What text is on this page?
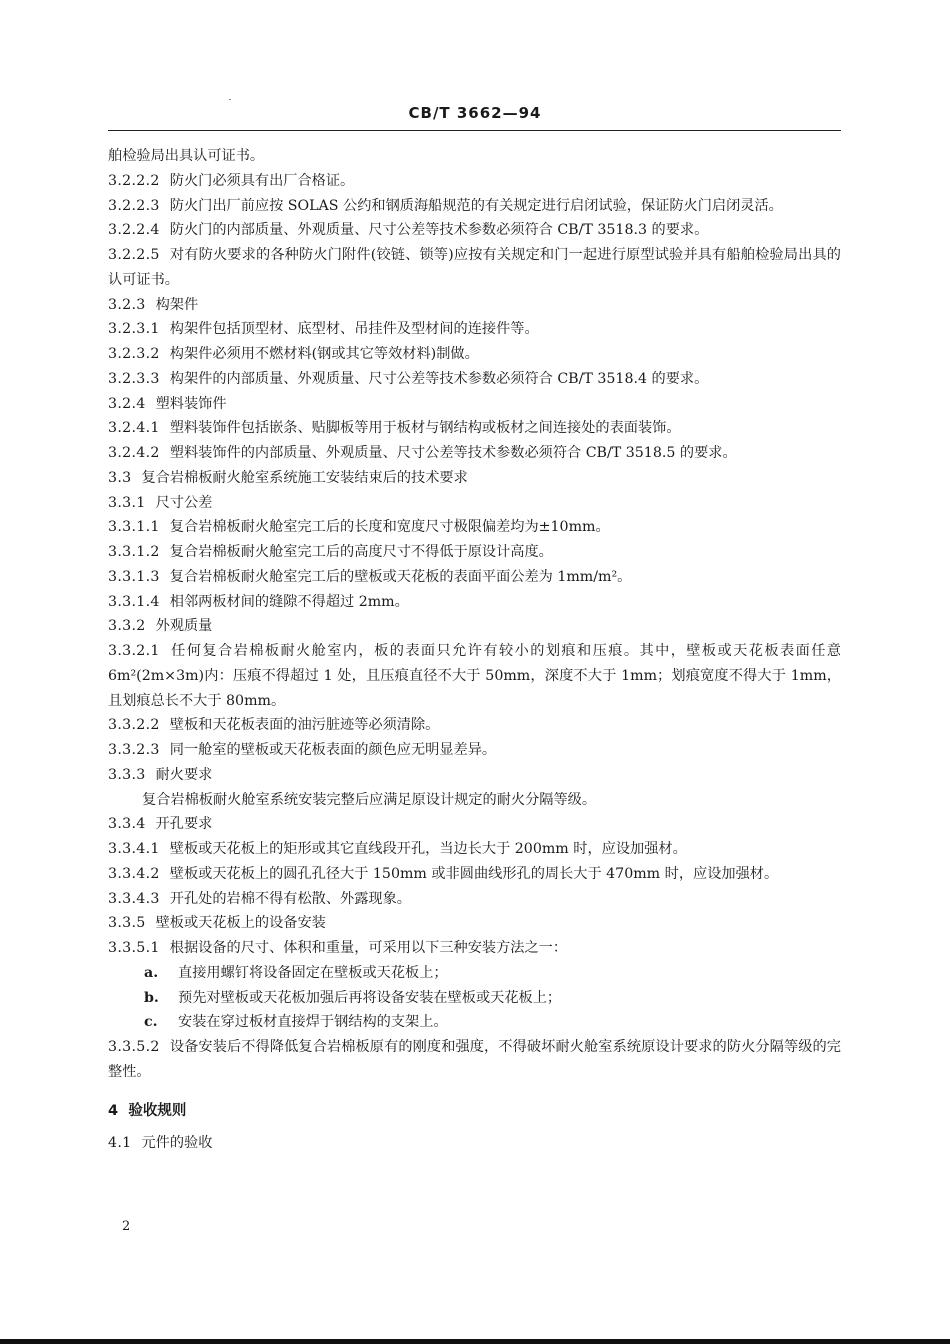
CB/T 3662—94

舶检验局出具认可证书。

3.2.2.2 防火门必须具有出厂合格证。

3.2.2.3 防火门出厂前应按 SOLAS 公约和钢质海船规范的有关规定进行启闭试验，保证防火门启闭灵活。

3.2.2.4 防火门的内部质量、外观质量、尺寸公差等技术参数必须符合 CB/T 3518.3 的要求。

3.2.2.5 对有防火要求的各种防火门附件(铰链、锁等)应按有关规定和门一起进行原型试验并具有船舶检验局出具的认可证书。

3.2.3 构架件

3.2.3.1 构架件包括顶型材、底型材、吊挂件及型材间的连接件等。

3.2.3.2 构架件必须用不燃材料(钢或其它等效材料)制做。

3.2.3.3 构架件的内部质量、外观质量、尺寸公差等技术参数必须符合 CB/T 3518.4 的要求。

3.2.4 塑料装饰件

3.2.4.1 塑料装饰件包括嵌条、贴脚板等用于板材与钢结构或板材之间连接处的表面装饰。

3.2.4.2 塑料装饰件的内部质量、外观质量、尺寸公差等技术参数必须符合 CB/T 3518.5 的要求。

3.3 复合岩棉板耐火舱室系统施工安装结束后的技术要求

3.3.1 尺寸公差

3.3.1.1 复合岩棉板耐火舱室完工后的长度和宽度尺寸极限偏差均为±10mm。

3.3.1.2 复合岩棉板耐火舱室完工后的高度尺寸不得低于原设计高度。

3.3.1.3 复合岩棉板耐火舱室完工后的壁板或天花板的表面平面公差为 1mm/m²。

3.3.1.4 相邻两板材间的缝隙不得超过 2mm。

3.3.2 外观质量

3.3.2.1 任何复合岩棉板耐火舱室内，板的表面只允许有较小的划痕和压痕。其中，壁板或天花板表面任意 6m²(2m×3m)内：压痕不得超过 1 处，且压痕直径不大于 50mm，深度不大于 1mm；划痕宽度不得大于 1mm，且划痕总长不大于 80mm。

3.3.2.2 壁板和天花板表面的油污脏迹等必须清除。

3.3.2.3 同一舱室的壁板或天花板表面的颜色应无明显差异。

3.3.3 耐火要求

复合岩棉板耐火舱室系统安装完整后应满足原设计规定的耐火分隔等级。

3.3.4 开孔要求

3.3.4.1 壁板或天花板上的矩形或其它直线段开孔，当边长大于 200mm 时，应设加强材。

3.3.4.2 壁板或天花板上的圆孔孔径大于 150mm 或非圆曲线形孔的周长大于 470mm 时，应设加强材。

3.3.4.3 开孔处的岩棉不得有松散、外露现象。

3.3.5 壁板或天花板上的设备安装

3.3.5.1 根据设备的尺寸、体积和重量，可采用以下三种安装方法之一：

a. 直接用螺钉将设备固定在壁板或天花板上；

b. 预先对壁板或天花板加强后再将设备安装在壁板或天花板上；

c. 安装在穿过板材直接焊于钢结构的支架上。

3.3.5.2 设备安装后不得降低复合岩棉板原有的刚度和强度，不得破坏耐火舱室系统原设计要求的防火分隔等级的完整性。

4 验收规则

4.1 元件的验收

2
